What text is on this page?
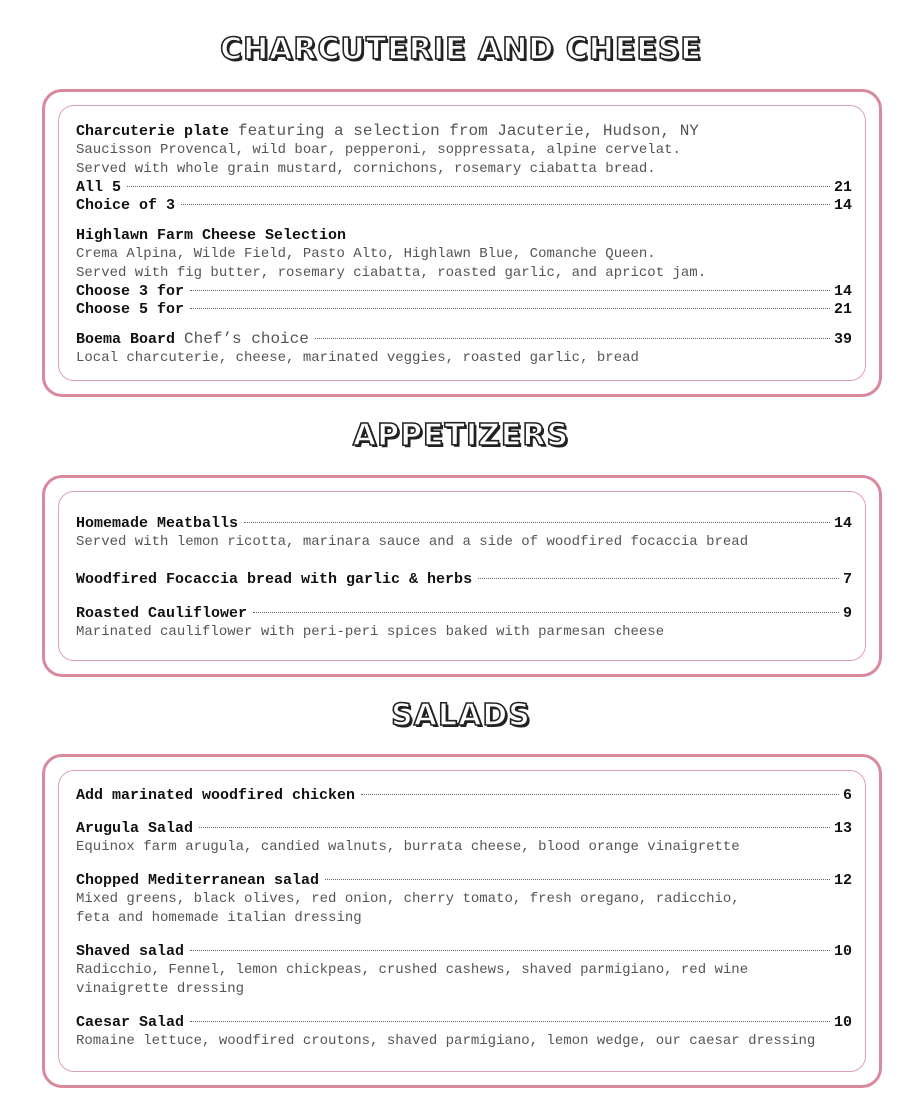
CHARCUTERIE AND CHEESE
Charcuterie plate featuring a selection from Jacuterie, Hudson, NY
Saucisson Provencal, wild boar, pepperoni, soppressata, alpine cervelat.
Served with whole grain mustard, cornichons, rosemary ciabatta bread.
All 5	21
Choice of 3	14
Highlawn Farm Cheese Selection
Crema Alpina, Wilde Field, Pasto Alto, Highlawn Blue, Comanche Queen.
Served with fig butter, rosemary ciabatta, roasted garlic, and apricot jam.
Choose 3 for	14
Choose 5 for	21
Boema Board Chef’s choice	39
Local charcuterie, cheese, marinated veggies, roasted garlic, bread
APPETIZERS
Homemade Meatballs	14
Served with lemon ricotta, marinara sauce and a side of woodfired focaccia bread
Woodfired Focaccia bread with garlic & herbs	7
Roasted Cauliflower	9
Marinated cauliflower with peri-peri spices baked with parmesan cheese
SALADS
Add marinated woodfired chicken	6
Arugula Salad	13
Equinox farm arugula, candied walnuts, burrata cheese, blood orange vinaigrette
Chopped Mediterranean salad	12
Mixed greens, black olives, red onion, cherry tomato, fresh oregano, radicchio,
feta and homemade italian dressing
Shaved salad	10
Radicchio, Fennel, lemon chickpeas, crushed cashews, shaved parmigiano, red wine
vinaigrette dressing
Caesar Salad	10
Romaine lettuce, woodfired croutons, shaved parmigiano, lemon wedge, our caesar dressing
